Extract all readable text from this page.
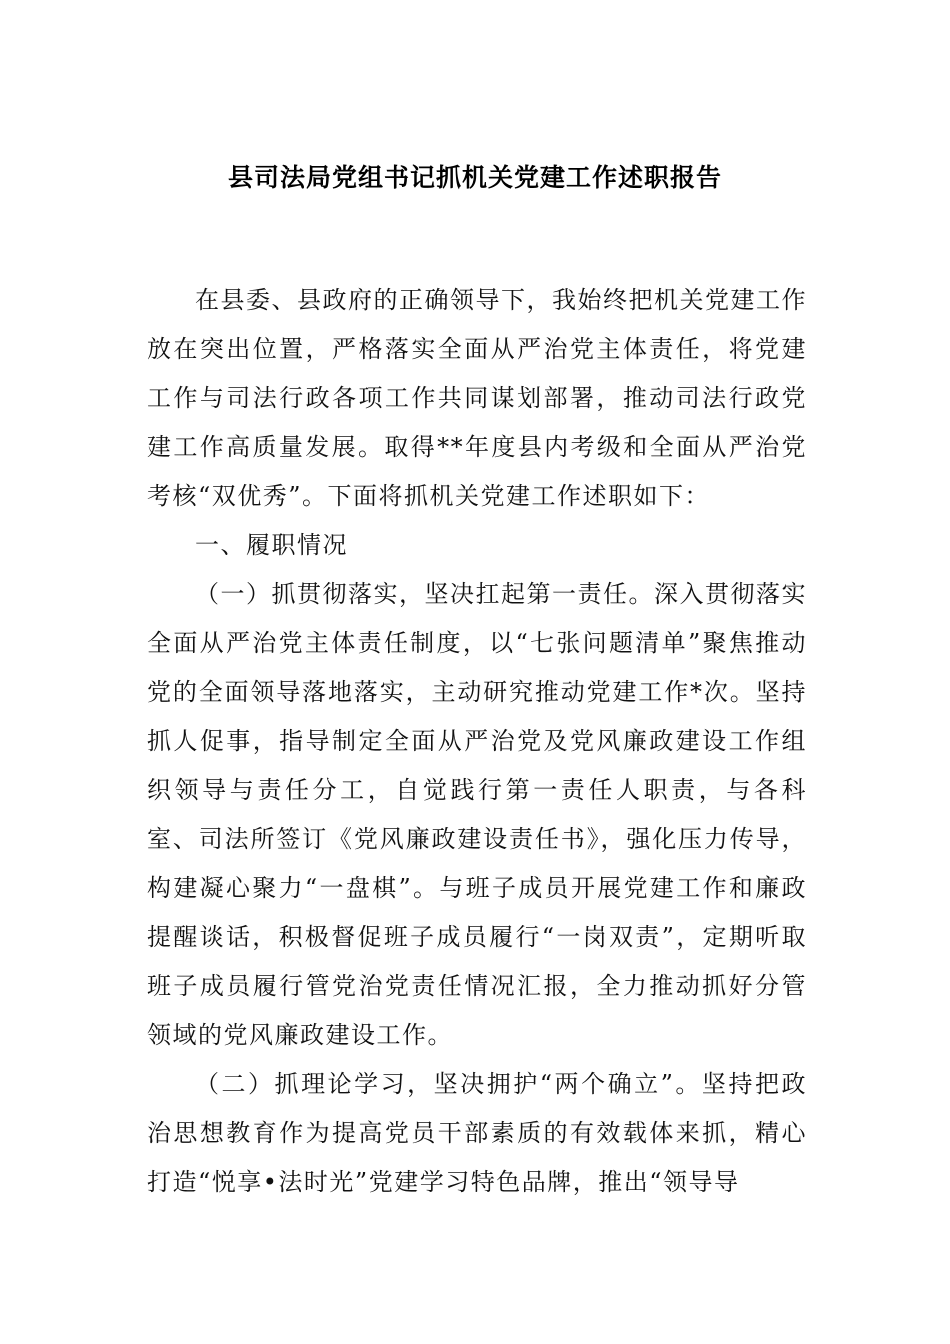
县司法局党组书记抓机关党建工作述职报告

在县委、县政府的正确领导下，我始终把机关党建工作放在突出位置，严格落实全面从严治党主体责任，将党建工作与司法行政各项工作共同谋划部署，推动司法行政党建工作高质量发展。取得**年度县内考级和全面从严治党考核“双优秀”。下面将抓机关党建工作述职如下：

一、履职情况

（一）抓贯彻落实，坚决扛起第一责任。深入贯彻落实全面从严治党主体责任制度，以“七张问题清单”聚焦推动党的全面领导落地落实，主动研究推动党建工作*次。坚持抓人促事，指导制定全面从严治党及党风廉政建设工作组织领导与责任分工，自觉践行第一责任人职责，与各科室、司法所签订《党风廉政建设责任书》，强化压力传导，构建凝心聚力“一盘棋”。与班子成员开展党建工作和廉政提醒谈话，积极督促班子成员履行“一岗双责”，定期听取班子成员履行管党治党责任情况汇报，全力推动抓好分管领域的党风廉政建设工作。

（二）抓理论学习，坚决拥护“两个确立”。坚持把政治思想教育作为提高党员干部素质的有效载体来抓，精心打造“悦享•法时光”党建学习特色品牌，推出“领导导
